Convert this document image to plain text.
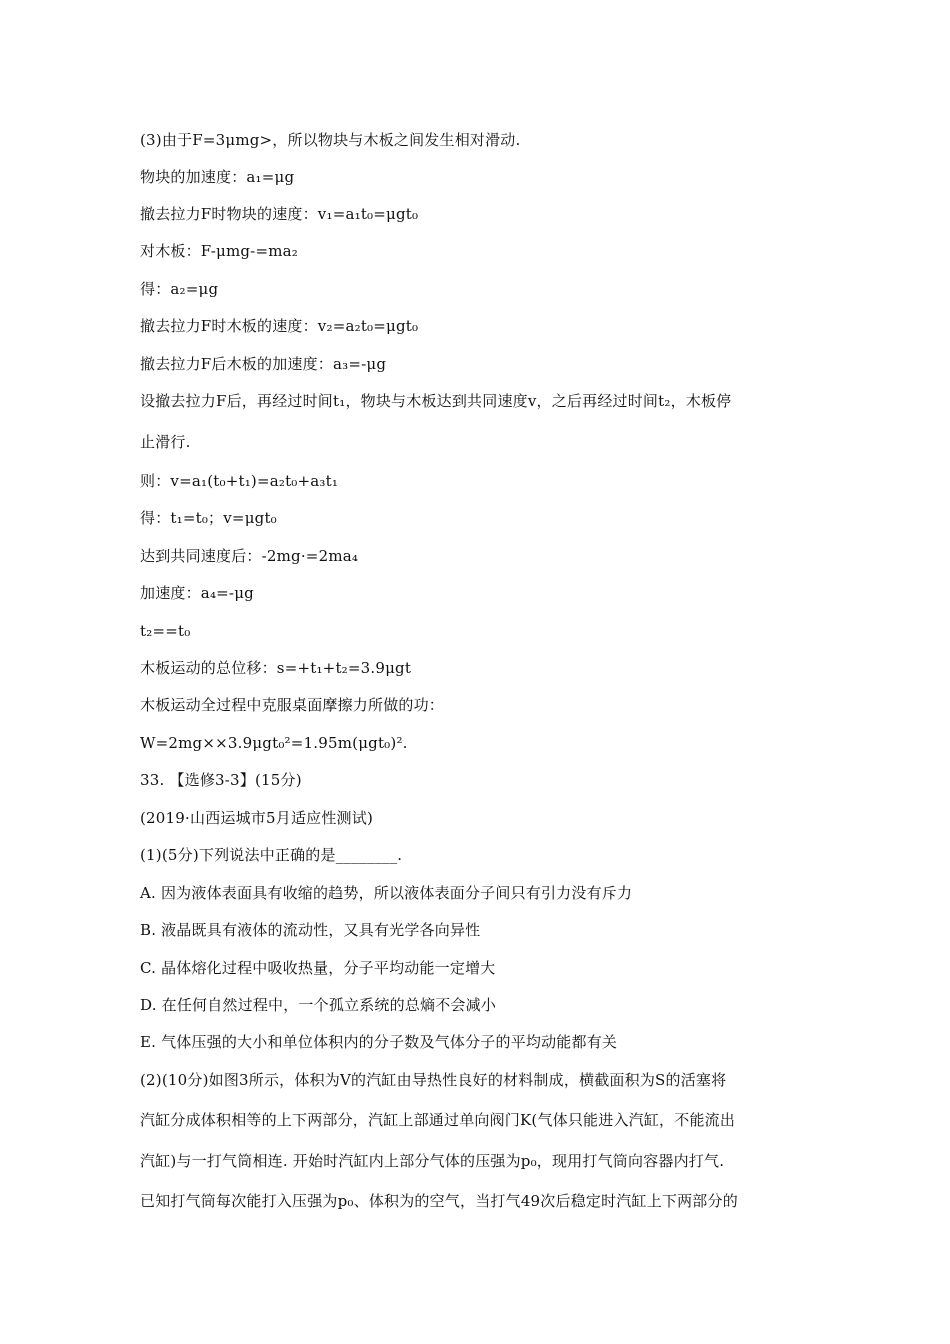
(3)由于F=3μmg>，所以物块与木板之间发生相对滑动.
物块的加速度：a₁=μg
撤去拉力F时物块的速度：v₁=a₁t₀=μgt₀
对木板：F-μmg-=ma₂
得：a₂=μg
撤去拉力F时木板的速度：v₂=a₂t₀=μgt₀
撤去拉力F后木板的加速度：a₃=-μg
设撤去拉力F后，再经过时间t₁，物块与木板达到共同速度v，之后再经过时间t₂，木板停
止滑行.
则：v=a₁(t₀+t₁)=a₂t₀+a₃t₁
得：t₁=t₀；v=μgt₀
达到共同速度后：-2mg·=2ma₄
加速度：a₄=-μg
t₂==t₀
木板运动的总位移：s=+t₁+t₂=3.9μgt
木板运动全过程中克服桌面摩擦力所做的功：
W=2mg××3.9μgt₀²=1.95m(μgt₀)².
33. 【选修3-3】(15分)
(2019·山西运城市5月适应性测试)
(1)(5分)下列说法中正确的是________.
A. 因为液体表面具有收缩的趋势，所以液体表面分子间只有引力没有斥力
B. 液晶既具有液体的流动性，又具有光学各向异性
C. 晶体熔化过程中吸收热量，分子平均动能一定增大
D. 在任何自然过程中，一个孤立系统的总熵不会减小
E. 气体压强的大小和单位体积内的分子数及气体分子的平均动能都有关
(2)(10分)如图3所示，体积为V的汽缸由导热性良好的材料制成，横截面积为S的活塞将
汽缸分成体积相等的上下两部分，汽缸上部通过单向阀门K(气体只能进入汽缸，不能流出
汽缸)与一打气筒相连. 开始时汽缸内上部分气体的压强为p₀，现用打气筒向容器内打气.
已知打气筒每次能打入压强为p₀、体积为的空气，当打气49次后稳定时汽缸上下两部分的
